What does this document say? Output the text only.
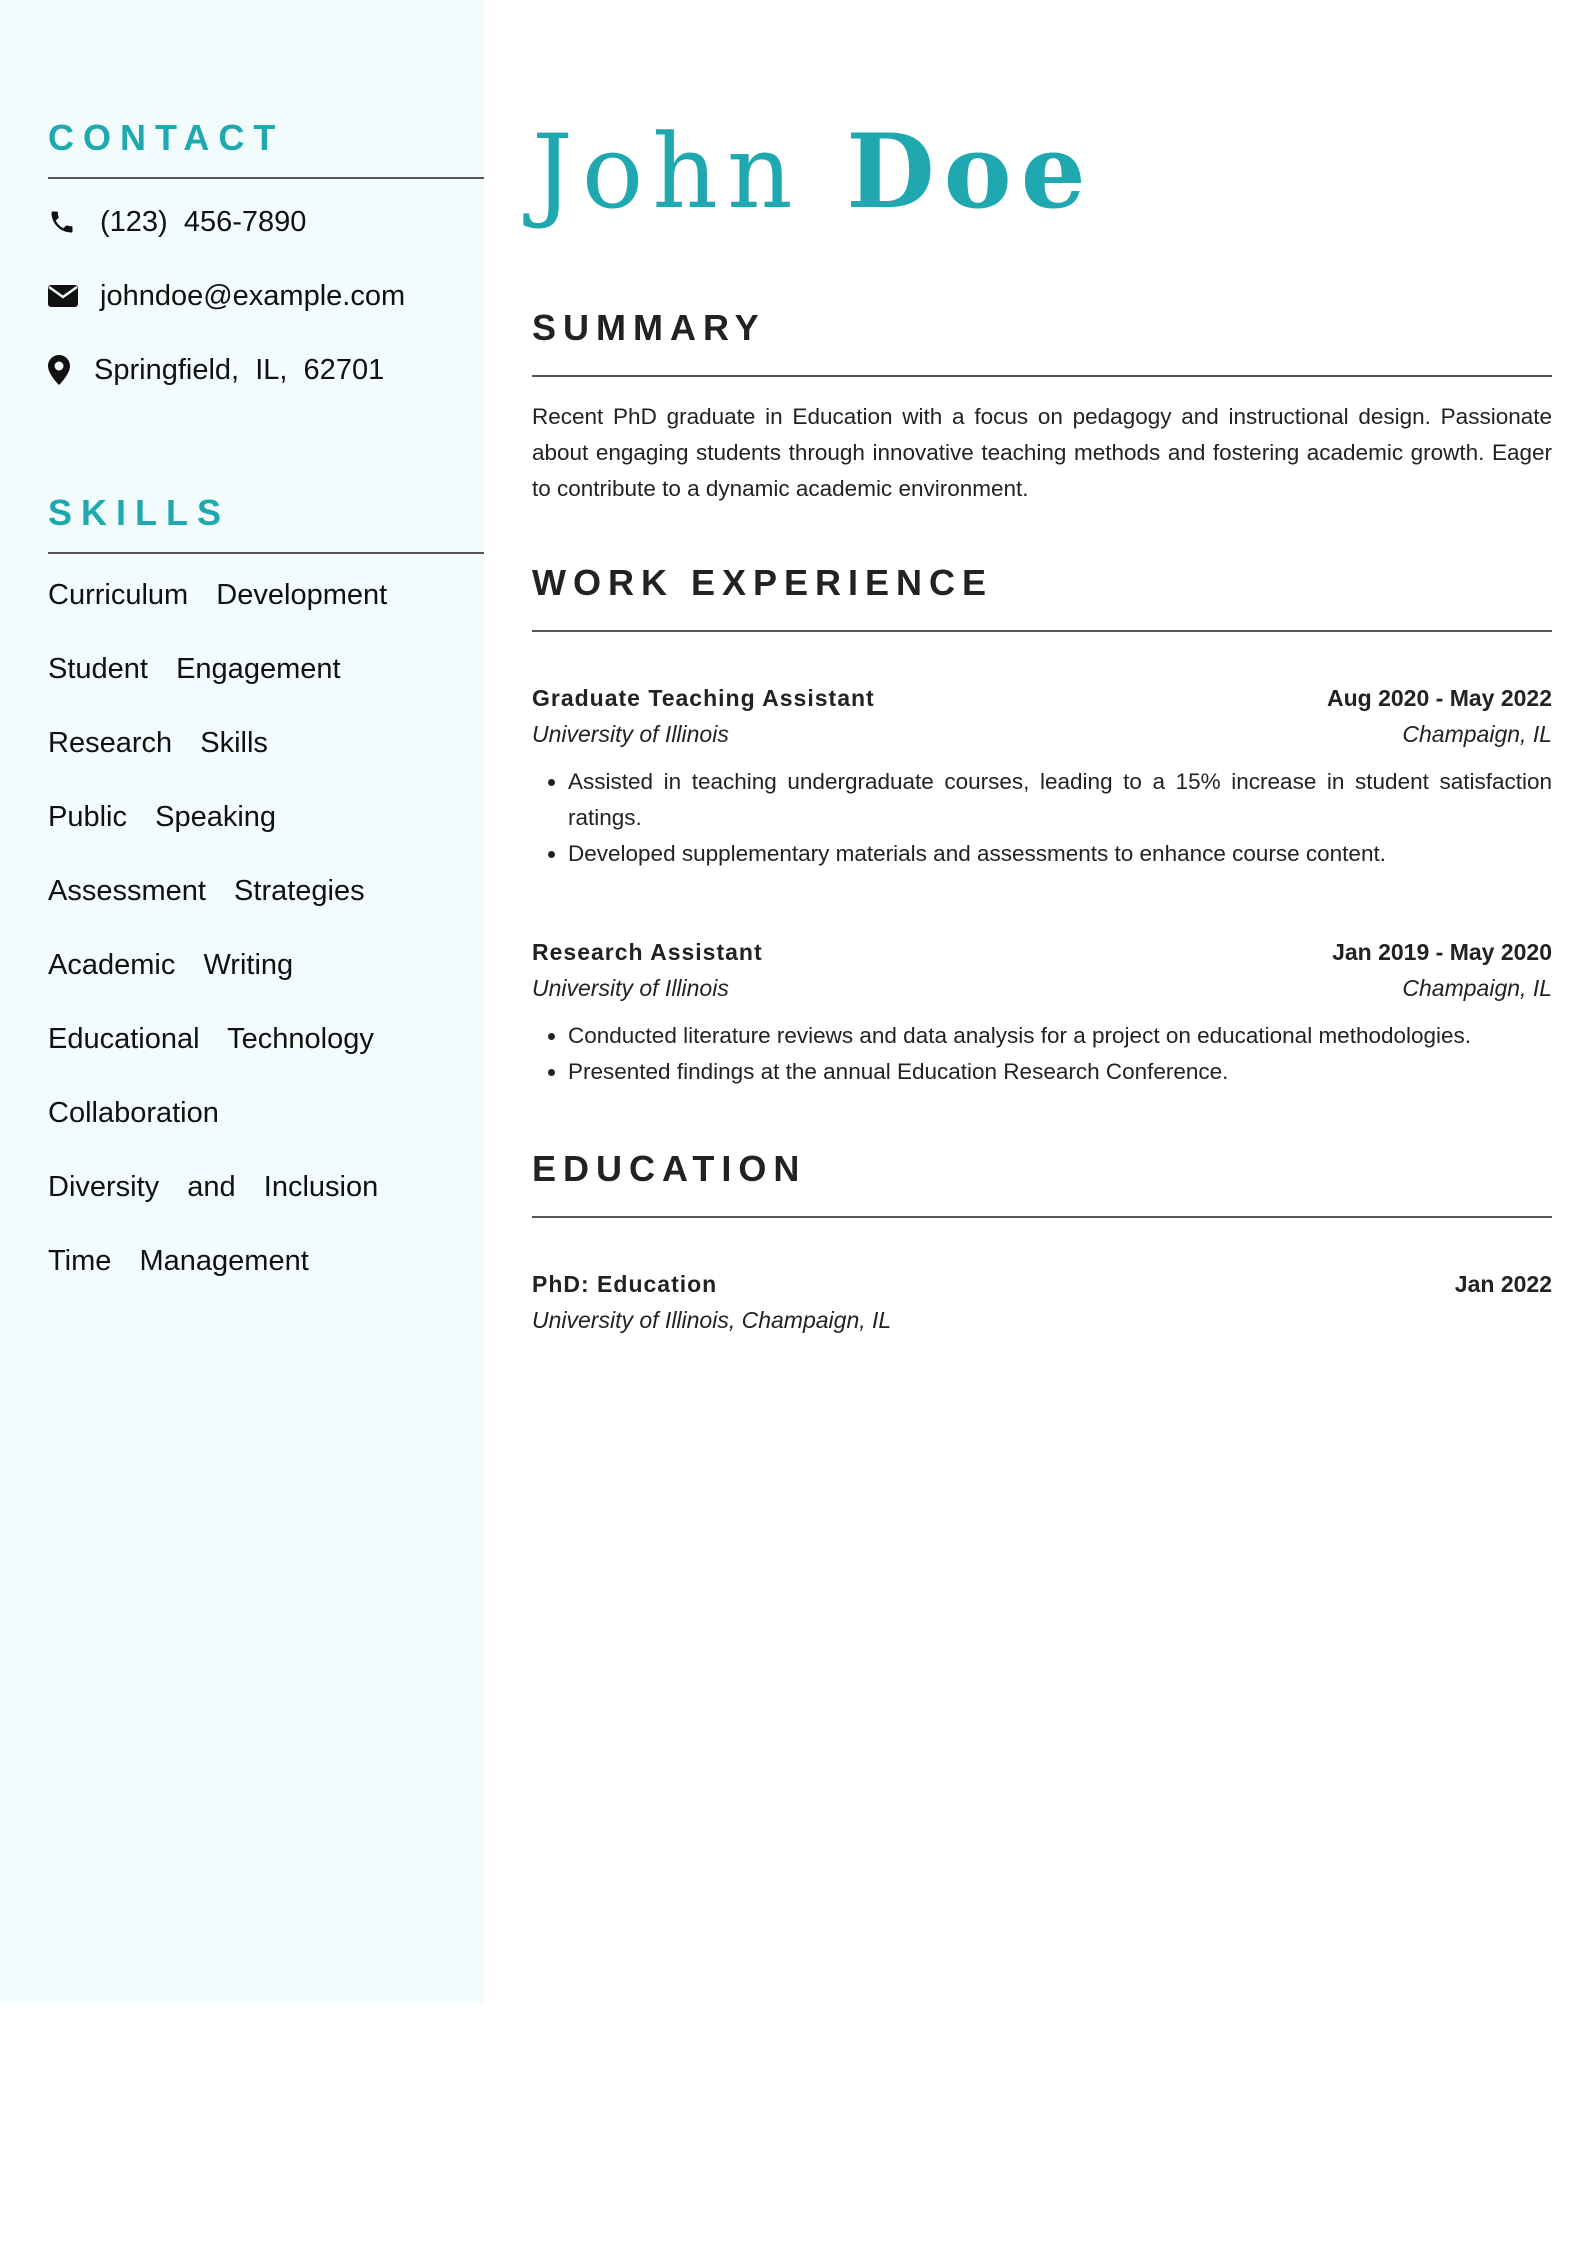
CONTACT
(123)  456-7890
johndoe@example.com
Springfield,  IL,  62701
SKILLS
Curriculum  Development
Student  Engagement
Research  Skills
Public  Speaking
Assessment  Strategies
Academic  Writing
Educational  Technology
Collaboration
Diversity  and  Inclusion
Time  Management
John Doe
SUMMARY

Recent PhD graduate in Education with a focus on pedagogy and instructional design. Passionate about engaging students through innovative teaching methods and fostering academic growth. Eager to contribute to a dynamic academic environment.

WORK EXPERIENCE
Graduate Teaching Assistant	Aug 2020 - May 2022
University of Illinois	Champaign, IL
• Assisted in teaching undergraduate courses, leading to a 15% increase in student satisfaction ratings.
• Developed supplementary materials and assessments to enhance course content.
Research Assistant	Jan 2019 - May 2020
University of Illinois	Champaign, IL
• Conducted literature reviews and data analysis for a project on educational methodologies.
• Presented findings at the annual Education Research Conference.
EDUCATION
PhD: Education	Jan 2022
University of Illinois, Champaign, IL
